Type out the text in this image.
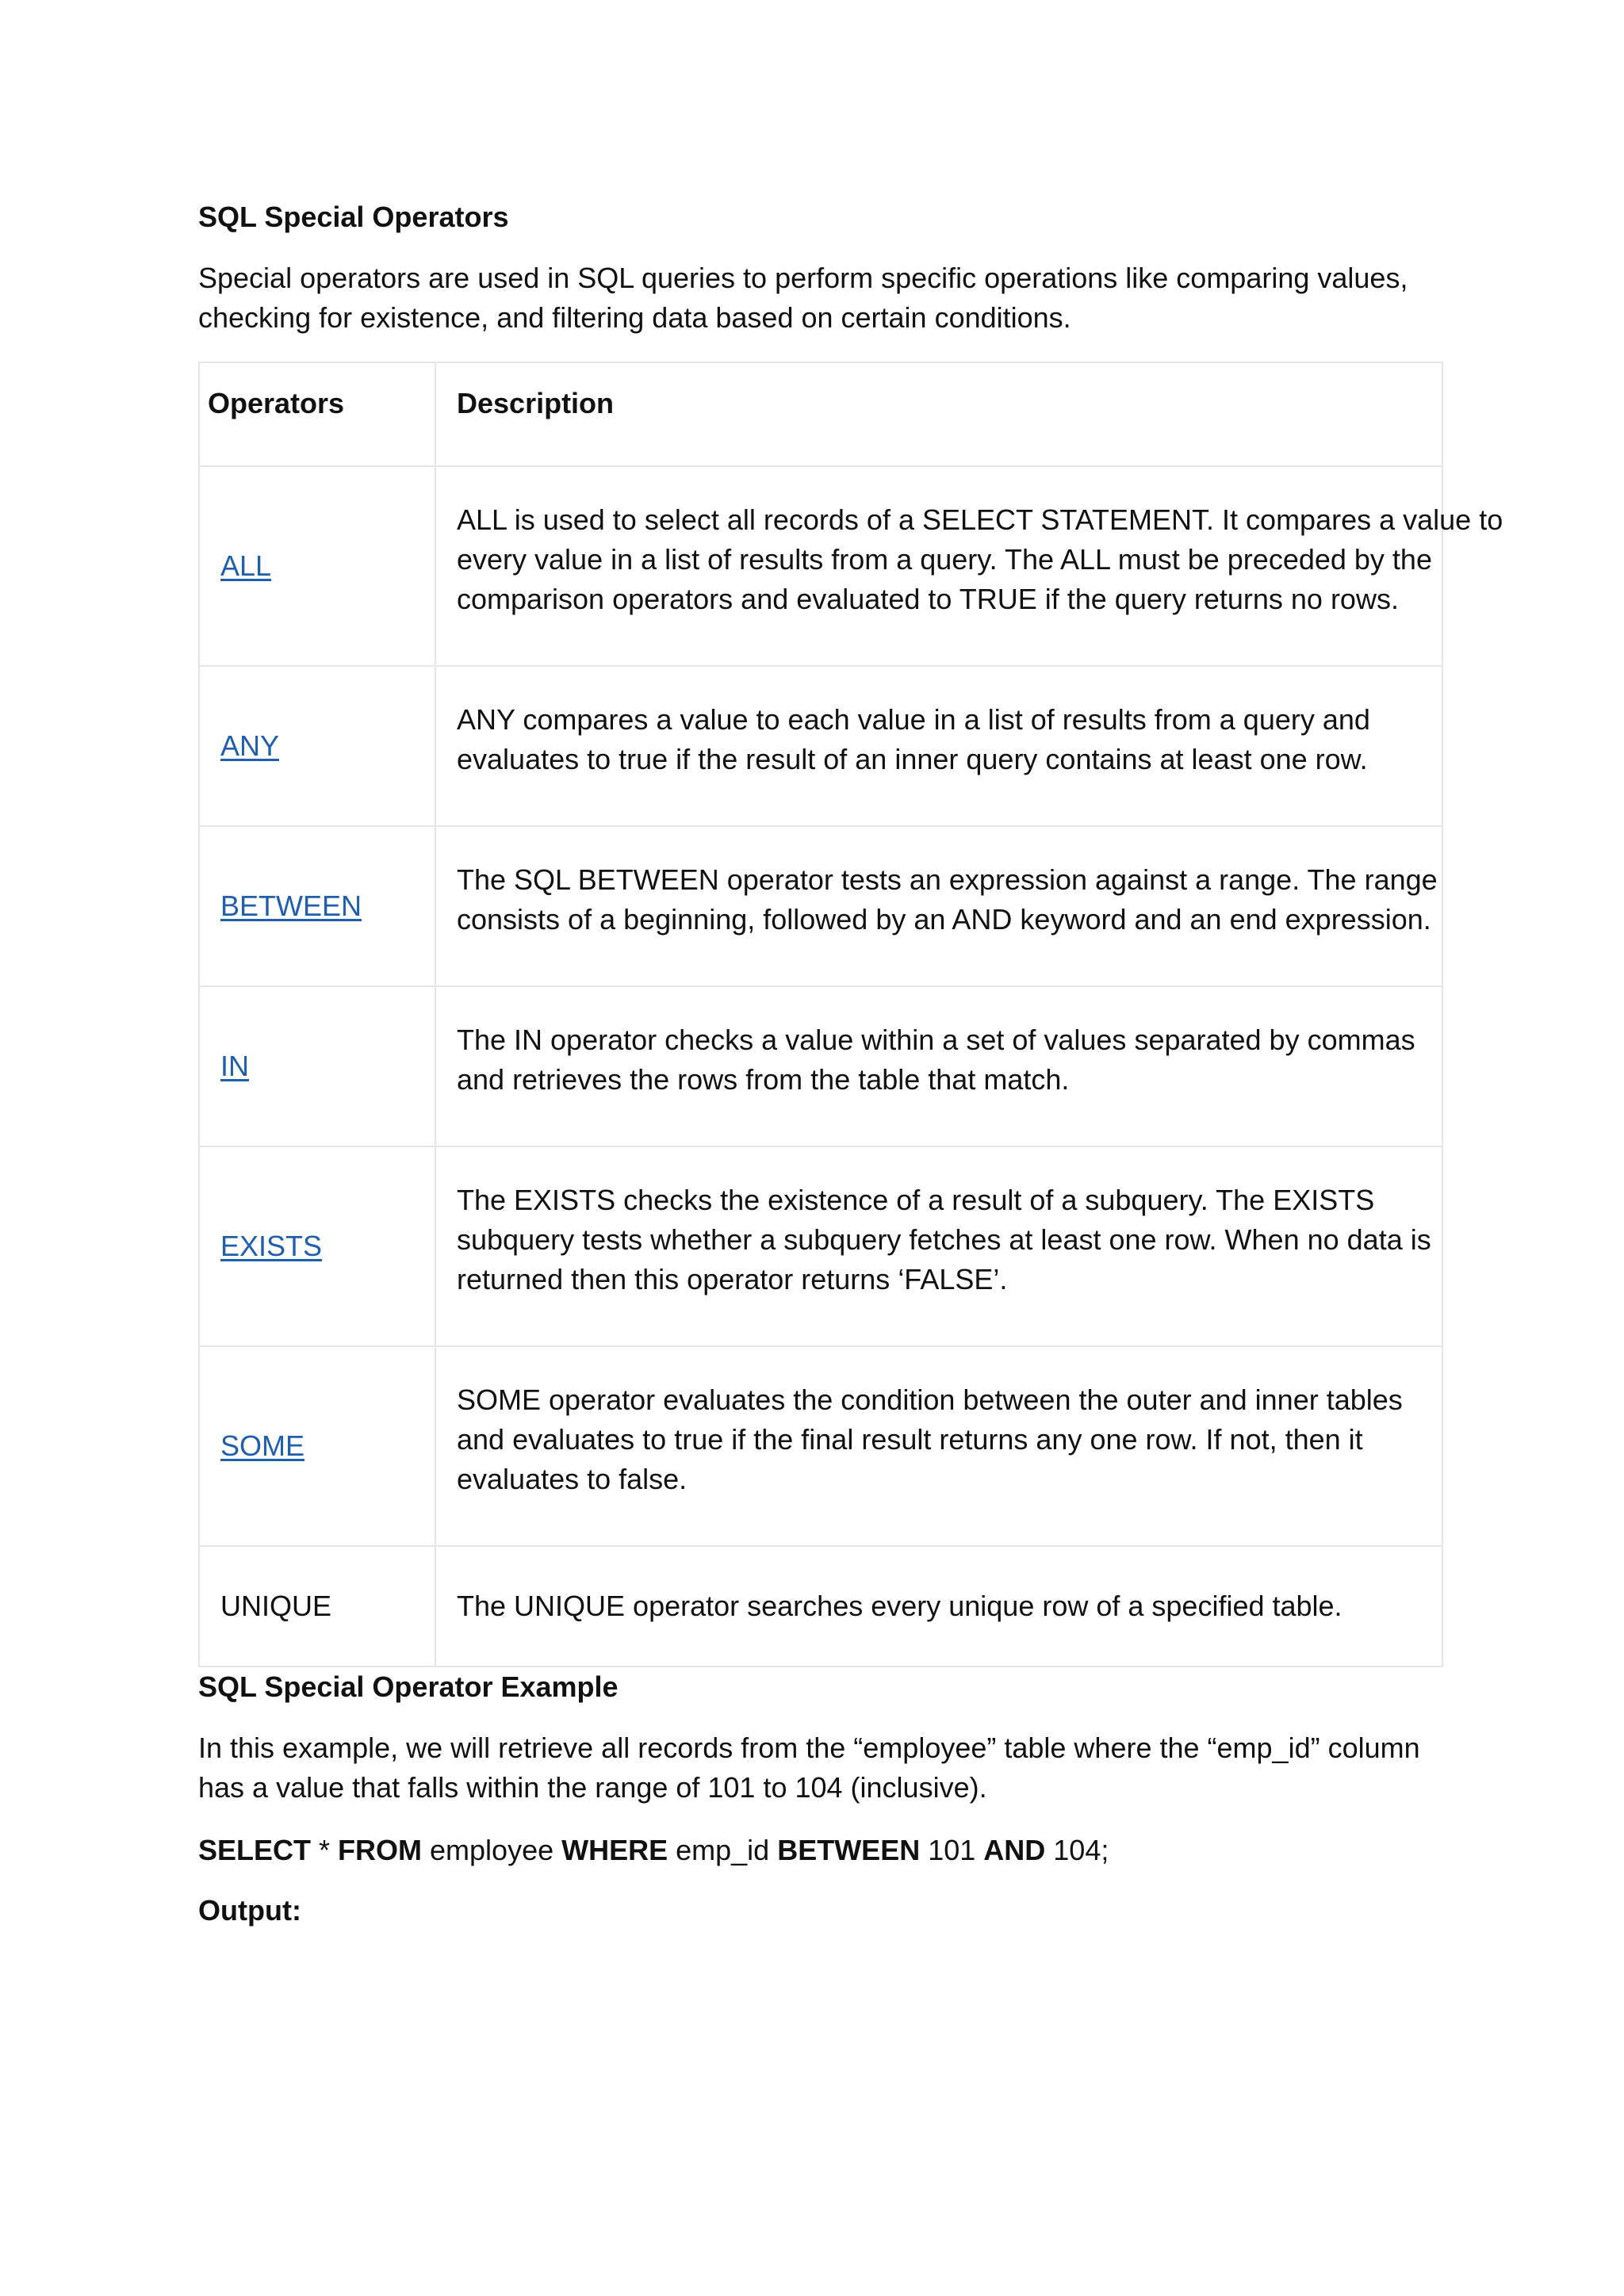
SQL Special Operators
Special operators are used in SQL queries to perform specific operations like comparing values,
checking for existence, and filtering data based on certain conditions.
Operators	Description
ALL	ALL is used to select all records of a SELECT STATEMENT. It compares a value to
every value in a list of results from a query. The ALL must be preceded by the
comparison operators and evaluated to TRUE if the query returns no rows.

ANY	ANY compares a value to each value in a list of results from a query and
evaluates to true if the result of an inner query contains at least one row.

BETWEEN	The SQL BETWEEN operator tests an expression against a range. The range
consists of a beginning, followed by an AND keyword and an end expression.

IN	The IN operator checks a value within a set of values separated by commas
and retrieves the rows from the table that match.

EXISTS	The EXISTS checks the existence of a result of a subquery. The EXISTS
subquery tests whether a subquery fetches at least one row. When no data is
returned then this operator returns ‘FALSE’.

SOME	SOME operator evaluates the condition between the outer and inner tables
and evaluates to true if the final result returns any one row. If not, then it
evaluates to false.

UNIQUE	The UNIQUE operator searches every unique row of a specified table.
SQL Special Operator Example
In this example, we will retrieve all records from the “employee” table where the “emp_id” column
has a value that falls within the range of 101 to 104 (inclusive).
SELECT * FROM employee WHERE emp_id BETWEEN 101 AND 104;
Output:
